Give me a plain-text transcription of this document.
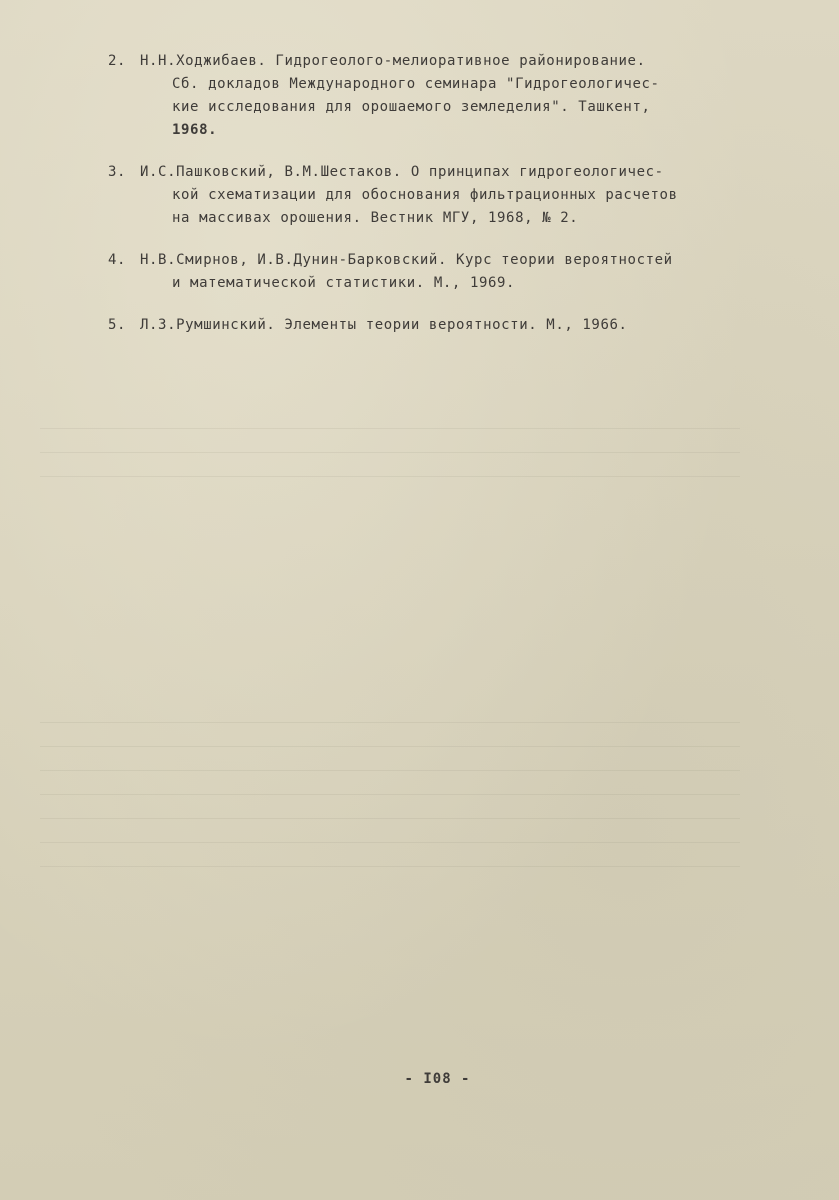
2. Н.Н.Ходжибаев. Гидрогеолого-мелиоративное районирование.
Сб. докладов Международного семинара "Гидрогеологичес-
кие исследования для орошаемого земледелия". Ташкент,
1968.
3. И.С.Пашковский, В.М.Шестаков. О принципах гидрогеологичес-
кой схематизации для обоснования фильтрационных расчетов
на массивах орошения. Вестник МГУ, 1968, № 2.
4. Н.В.Смирнов, И.В.Дунин-Барковский. Курс теории вероятностей
и математической статистики. М., 1969.
5. Л.З.Румшинский. Элементы теории вероятности. М., 1966.
- I08 -
